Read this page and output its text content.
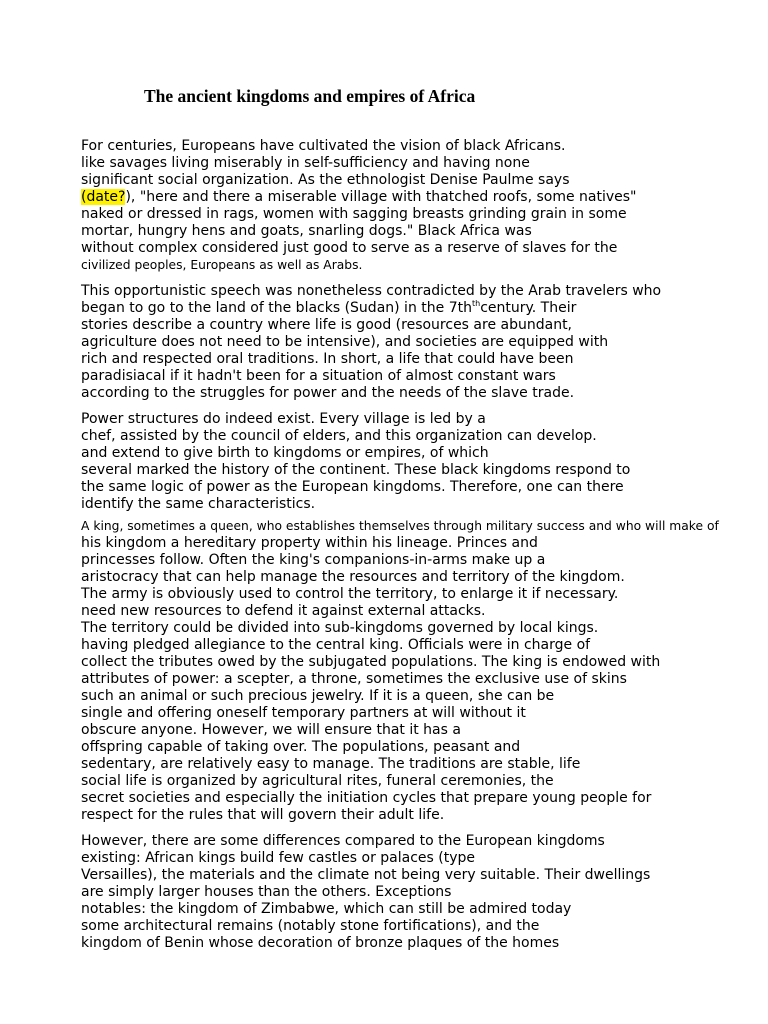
The ancient kingdoms and empires of Africa
For centuries, Europeans have cultivated the vision of black Africans.
like savages living miserably in self-sufficiency and having none
significant social organization. As the ethnologist Denise Paulme says
(date?), "here and there a miserable village with thatched roofs, some natives"
naked or dressed in rags, women with sagging breasts grinding grain in some
mortar, hungry hens and goats, snarling dogs." Black Africa was
without complex considered just good to serve as a reserve of slaves for the
civilized peoples, Europeans as well as Arabs.
This opportunistic speech was nonetheless contradicted by the Arab travelers who
began to go to the land of the blacks (Sudan) in the $7th^{th}century$. Their
stories describe a country where life is good (resources are abundant,
agriculture does not need to be intensive), and societies are equipped with
rich and respected oral traditions. In short, a life that could have been
paradisiacal if it hadn't been for a situation of almost constant wars
according to the struggles for power and the needs of the slave trade.
Power structures do indeed exist. Every village is led by a
chef, assisted by the council of elders, and this organization can develop.
and extend to give birth to kingdoms or empires, of which
several marked the history of the continent. These black kingdoms respond to
the same logic of power as the European kingdoms. Therefore, one can there
identify the same characteristics.
A king, sometimes a queen, who establishes themselves through military success and who will make of
his kingdom a hereditary property within his lineage. Princes and
princesses follow. Often the king's companions-in-arms make up a
aristocracy that can help manage the resources and territory of the kingdom.
The army is obviously used to control the territory, to enlarge it if necessary.
need new resources to defend it against external attacks.
The territory could be divided into sub-kingdoms governed by local kings.
having pledged allegiance to the central king. Officials were in charge of
collect the tributes owed by the subjugated populations. The king is endowed with
attributes of power: a scepter, a throne, sometimes the exclusive use of skins
such an animal or such precious jewelry. If it is a queen, she can be
single and offering oneself temporary partners at will without it
obscure anyone. However, we will ensure that it has a
offspring capable of taking over. The populations, peasant and
sedentary, are relatively easy to manage. The traditions are stable, life
social life is organized by agricultural rites, funeral ceremonies, the
secret societies and especially the initiation cycles that prepare young people for
respect for the rules that will govern their adult life.
However, there are some differences compared to the European kingdoms
existing: African kings build few castles or palaces (type
Versailles), the materials and the climate not being very suitable. Their dwellings
are simply larger houses than the others. Exceptions
notables: the kingdom of Zimbabwe, which can still be admired today
some architectural remains (notably stone fortifications), and the
kingdom of Benin whose decoration of bronze plaques of the homes
